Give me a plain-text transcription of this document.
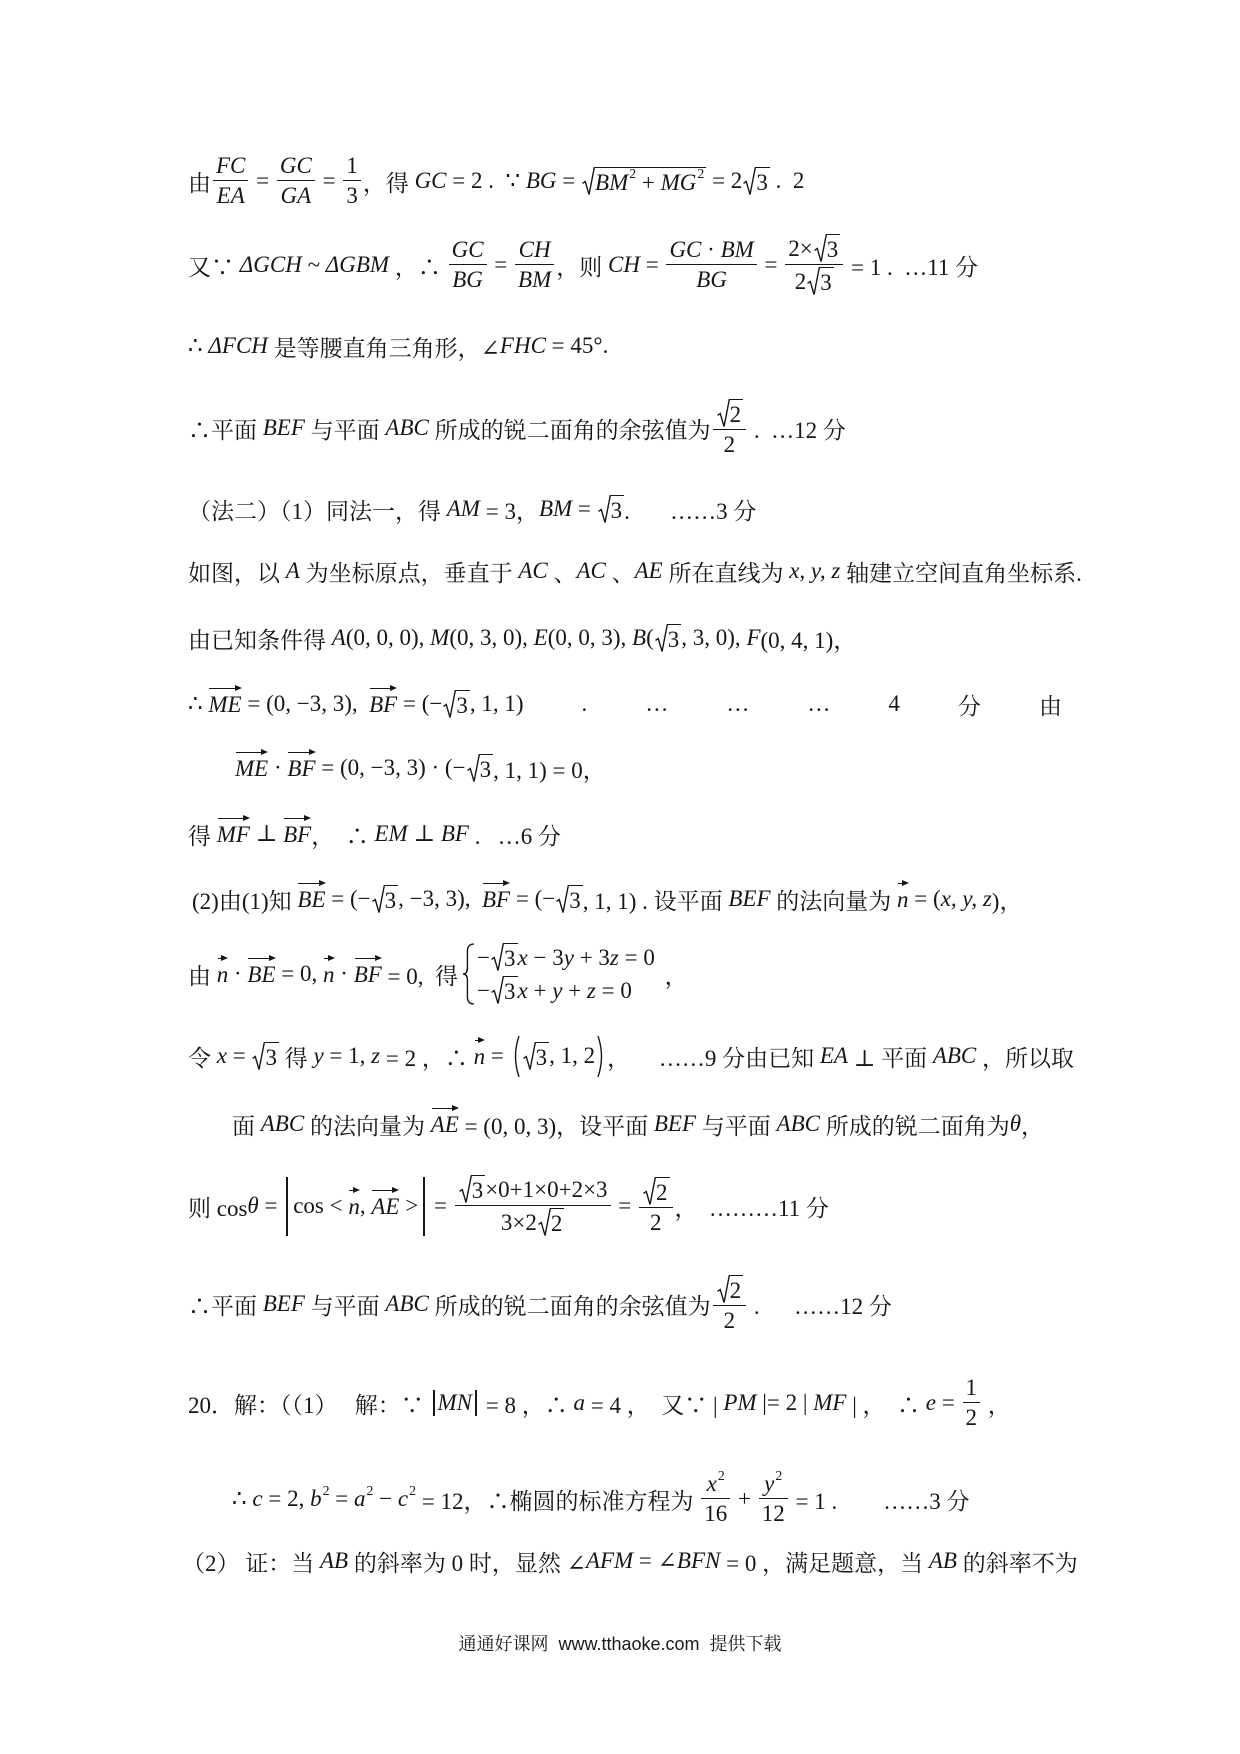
由 $\frac{FC}{EA} = \frac{GC}{GA} = \frac{1}{3}$ ，得 GC = 2 .  ∵ BG = BM 2 + MG 2 = 2 3 .  2
又∵ ΔGCH ~ ΔGBM ，∴ $\frac{GC}{BG} = \frac{CH}{BM}$ ，则 CH = $\frac{GC \cdot BM}{BG} = \frac{2\times 3}{2 3} = 1$ .  …11 分
∴ ΔFCH 是等腰直角三角形，∠ FHC = 45°.
∴平面 BEF 与平面 ABC 所成的锐二面角的余弦值为 $\frac{2}{2}$ .  …12 分
（法二）（1）同法一，得 AM = 3， BM = 3 .       ……3 分
如图，以 A 为坐标原点，垂直于 AC 、 AC 、 AE 所在直线为 x, y, z 轴建立空间直角坐标系.
由已知条件得 A (0, 0, 0), M (0, 3, 0), E (0, 0, 3), B ( 3 , 3, 0), F (0, 4, 1)，
∴ ME = (0, −3, 3), BF = (− 3 , 1, 1)	.	…	…	…	4	分	由
ME · BF = (0, −3, 3) · (− 3 , 1, 1) = 0，
得 MF ⊥ BF ，  ∴ EM ⊥ BF .   …6 分
(2)由(1)知 BE = (− 3 , −3, 3), BF = (− 3 , 1, 1) . 设平面 BEF 的法向量为 n = ( x, y, z )，
由 n · BE = 0, n · BF = 0,  得
− 3 x − 3 y + 3 z = 0
− 3 x + y + z = 0
，
令 x = 3 得 y = 1, z = 2 ，∴ n = 3 , 1, 2 ，     ……9 分由已知 EA ⊥ 平面 ABC ，所以取
面 ABC 的法向量为 AE = (0, 0, 3)，设平面 BEF 与平面 ABC 所成的锐二面角为 θ ，
则 cos θ = cos < n , AE > = $\frac{3 \times 0+1\times 0+2\times 3}{3\times 2 2} = \frac{2}{2}$ ，  ………11 分
∴平面 BEF 与平面 ABC 所成的锐二面角的余弦值为 $\frac{2}{2}$ .      ……12 分
20．解：（（1）   解：∵ MN = 8 ，∴ a = 4 ，  又∵ | PM |= 2 | MF | ，  ∴ $e = \frac{1}{2}$ ，
∴ c = 2, b 2 = a 2 − c 2 = 12，∴椭圆的标准方程为 $\frac{x 2}{16} + \frac{y 2}{12} = 1$ .        ……3 分
（2） 证：当 AB 的斜率为 0 时，显然 ∠ AFM = ∠ BFN = 0 ，满足题意，当 AB 的斜率不为
通通好课网  www.tthaoke.com  提供下载
